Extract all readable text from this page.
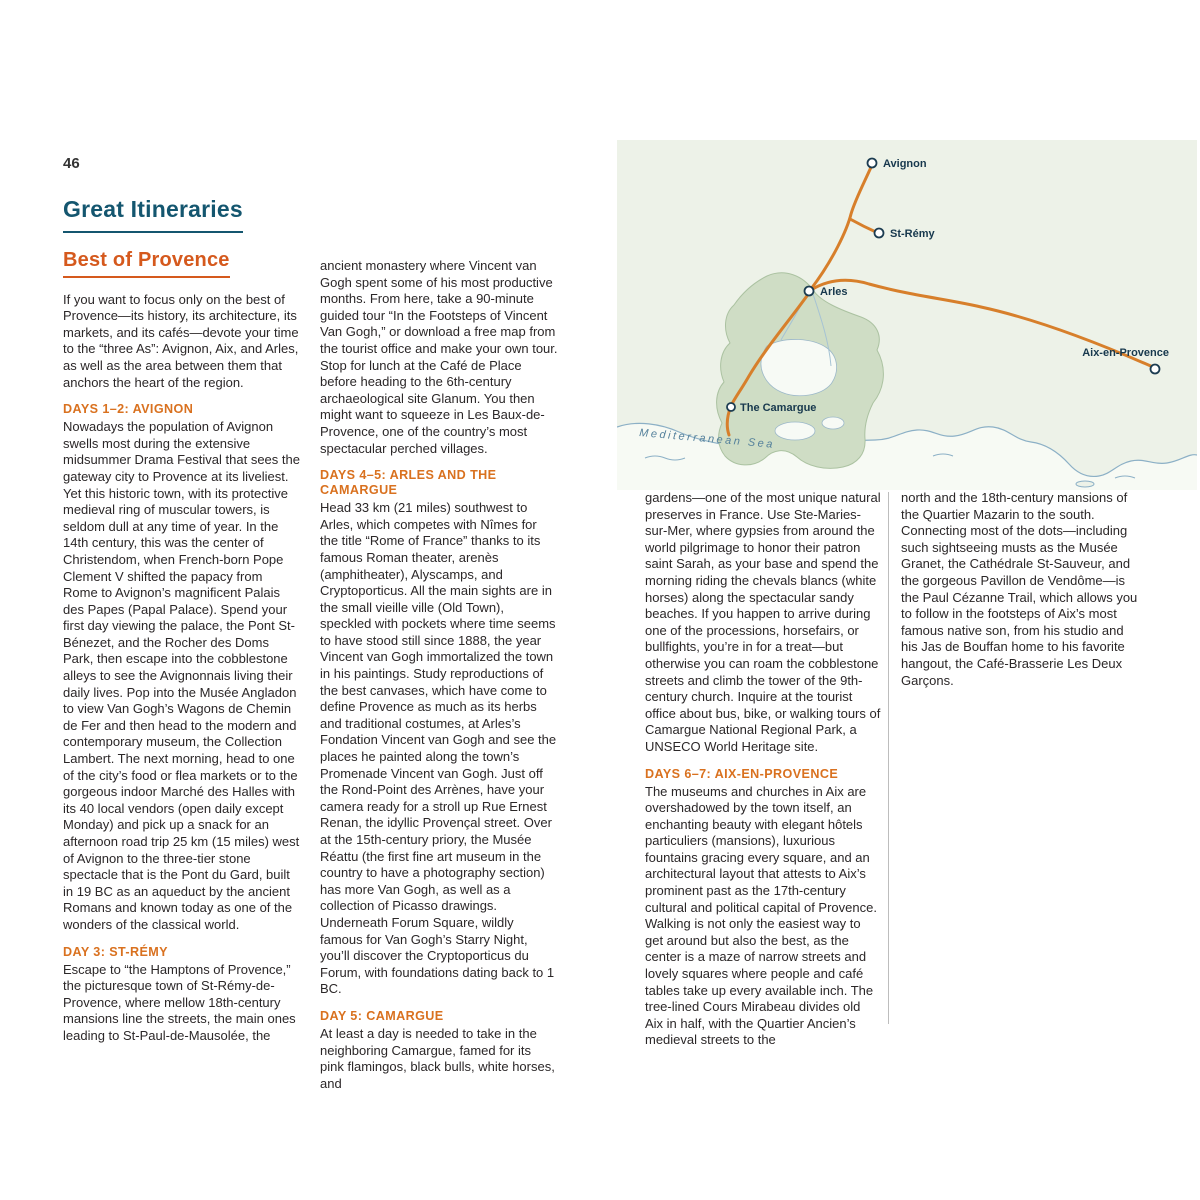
46
Great Itineraries
Avignon
St-Rémy
Arles
Aix-en-Provence
The Camargue
Mediterranean Sea
Best of Provence

If you want to focus only on the best of Provence—its history, its architecture, its markets, and its cafés—devote your time to the “three As”: Avignon, Aix, and Arles, as well as the area between them that anchors the heart of the region.

DAYS 1–2: AVIGNON

Nowadays the population of Avignon swells most during the extensive midsummer Drama Festival that sees the gateway city to Provence at its liveliest. Yet this historic town, with its protective medieval ring of muscular towers, is seldom dull at any time of year. In the 14th century, this was the center of Christendom, when French-born Pope Clement V shifted the papacy from Rome to Avignon’s magnificent Palais des Papes (Papal Palace). Spend your first day viewing the palace, the Pont St-Bénezet, and the Rocher des Doms Park, then escape into the cobblestone alleys to see the Avignonnais living their daily lives. Pop into the Musée Angladon to view Van Gogh’s Wagons de Chemin de Fer and then head to the modern and contemporary museum, the Collection Lambert. The next morning, head to one of the city’s food or flea markets or to the gorgeous indoor Marché des Halles with its 40 local vendors (open daily except Monday) and pick up a snack for an afternoon road trip 25 km (15 miles) west of Avignon to the three-tier stone spectacle that is the Pont du Gard, built in 19 BC as an aqueduct by the ancient Romans and known today as one of the wonders of the classical world.

DAY 3: ST-RÉMY

Escape to “the Hamptons of Provence,” the picturesque town of St-Rémy-de-Provence, where mellow 18th-century mansions line the streets, the main ones leading to St-Paul-de-Mausolée, the

ancient monastery where Vincent van Gogh spent some of his most productive months. From here, take a 90-minute guided tour “In the Footsteps of Vincent Van Gogh,” or download a free map from the tourist office and make your own tour. Stop for lunch at the Café de Place before heading to the 6th-century archaeological site Glanum. You then might want to squeeze in Les Baux-de-Provence, one of the country’s most spectacular perched villages.

DAYS 4–5: ARLES AND THE CAMARGUE

Head 33 km (21 miles) southwest to Arles, which competes with Nîmes for the title “Rome of France” thanks to its famous Roman theater, arenès (amphitheater), Alyscamps, and Cryptoporticus. All the main sights are in the small vieille ville (Old Town), speckled with pockets where time seems to have stood still since 1888, the year Vincent van Gogh immortalized the town in his paintings. Study reproductions of the best canvases, which have come to define Provence as much as its herbs and traditional costumes, at Arles’s Fondation Vincent van Gogh and see the places he painted along the town’s Promenade Vincent van Gogh. Just off the Rond-Point des Arrènes, have your camera ready for a stroll up Rue Ernest Renan, the idyllic Provençal street. Over at the 15th-century priory, the Musée Réattu (the first fine art museum in the country to have a photography section) has more Van Gogh, as well as a collection of Picasso drawings. Underneath Forum Square, wildly famous for Van Gogh’s Starry Night, you’ll discover the Cryptoporticus du Forum, with foundations dating back to 1 BC.

DAY 5: CAMARGUE

At least a day is needed to take in the neighboring Camargue, famed for its pink flamingos, black bulls, white horses, and

gardens—one of the most unique natural preserves in France. Use Ste-Maries-sur-Mer, where gypsies from around the world pilgrimage to honor their patron saint Sarah, as your base and spend the morning riding the chevals blancs (white horses) along the spectacular sandy beaches. If you happen to arrive during one of the processions, horsefairs, or bullfights, you’re in for a treat—but otherwise you can roam the cobblestone streets and climb the tower of the 9th-century church. Inquire at the tourist office about bus, bike, or walking tours of Camargue National Regional Park, a UNSECO World Heritage site.

DAYS 6–7: AIX-EN-PROVENCE

The museums and churches in Aix are overshadowed by the town itself, an enchanting beauty with elegant hôtels particuliers (mansions), luxurious fountains gracing every square, and an architectural layout that attests to Aix’s prominent past as the 17th-century cultural and political capital of Provence. Walking is not only the easiest way to get around but also the best, as the center is a maze of narrow streets and lovely squares where people and café tables take up every available inch. The tree-lined Cours Mirabeau divides old Aix in half, with the Quartier Ancien’s medieval streets to the

north and the 18th-century mansions of the Quartier Mazarin to the south. Connecting most of the dots—including such sightseeing musts as the Musée Granet, the Cathédrale St-Sauveur, and the gorgeous Pavillon de Vendôme—is the Paul Cézanne Trail, which allows you to follow in the footsteps of Aix’s most famous native son, from his studio and his Jas de Bouffan home to his favorite hangout, the Café-Brasserie Les Deux Garçons.
